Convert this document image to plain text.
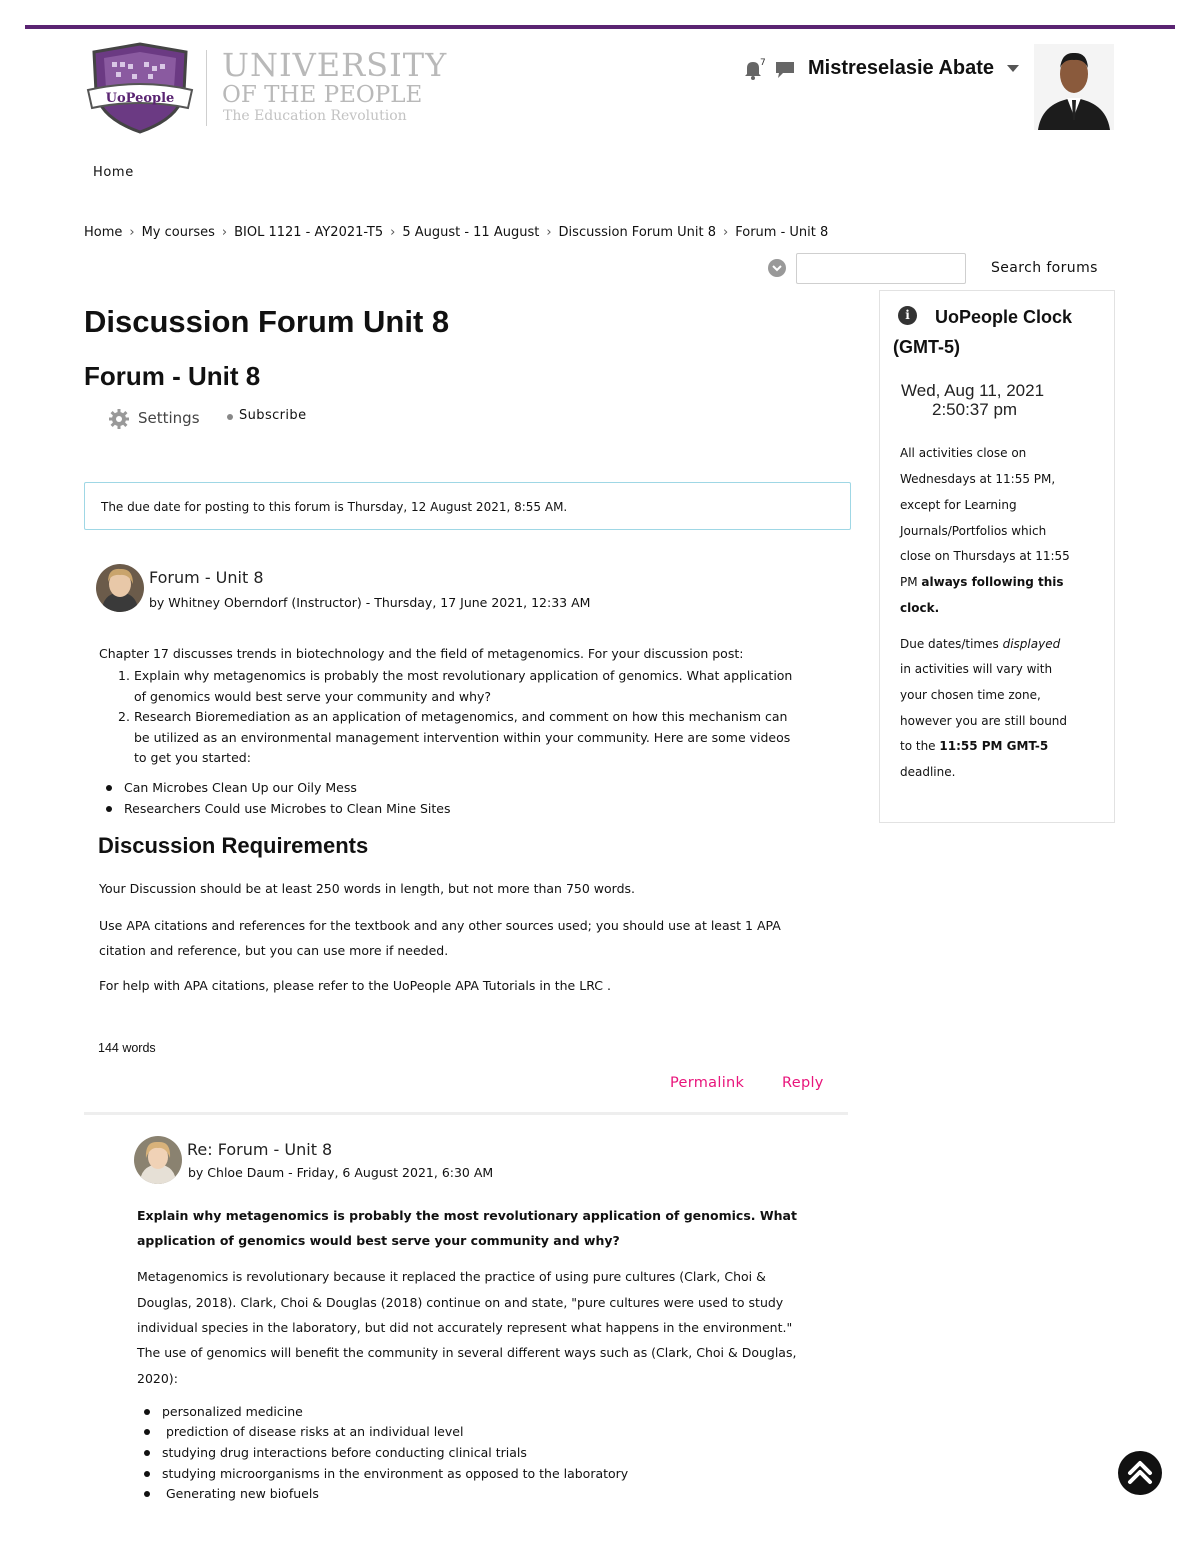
UoPeople
UNIVERSITY
OF THE PEOPLE
The Education Revolution
7 Mistreselasie Abate
Home
Home › My courses › BIOL 1121 - AY2021-T5 › 5 August - 11 August › Discussion Forum Unit 8 › Forum - Unit 8
Search forums
Discussion Forum Unit 8
Forum - Unit 8
Settings	Subscribe
The due date for posting to this forum is Thursday, 12 August 2021, 8:55 AM.
Forum - Unit 8
by Whitney Oberndorf (Instructor) - Thursday, 17 June 2021, 12:33 AM
Chapter 17 discusses trends in biotechnology and the field of metagenomics. For your discussion post:
1. Explain why metagenomics is probably the most revolutionary application of genomics. What application
of genomics would best serve your community and why?
2. Research Bioremediation as an application of metagenomics, and comment on how this mechanism can
be utilized as an environmental management intervention within your community. Here are some videos
to get you started:
Can Microbes Clean Up our Oily Mess
Researchers Could use Microbes to Clean Mine Sites
Discussion Requirements
Your Discussion should be at least 250 words in length, but not more than 750 words.
Use APA citations and references for the textbook and any other sources used; you should use at least 1 APA
citation and reference, but you can use more if needed.
For help with APA citations, please refer to the UoPeople APA Tutorials in the LRC .
144 words
Permalink	Reply
Re: Forum - Unit 8
by Chloe Daum - Friday, 6 August 2021, 6:30 AM
Explain why metagenomics is probably the most revolutionary application of genomics. What
application of genomics would best serve your community and why?
Metagenomics is revolutionary because it replaced the practice of using pure cultures (Clark, Choi &
Douglas, 2018). Clark, Choi & Douglas (2018) continue on and state, "pure cultures were used to study
individual species in the laboratory, but did not accurately represent what happens in the environment."
The use of genomics will benefit the community in several different ways such as (Clark, Choi & Douglas,
2020):
personalized medicine
prediction of disease risks at an individual level
studying drug interactions before conducting clinical trials
studying microorganisms in the environment as opposed to the laboratory
Generating new biofuels
i	UoPeople Clock
(GMT-5)
Wed, Aug 11, 2021
2:50:37 pm
All activities close on
Wednesdays at 11:55 PM,
except for Learning
Journals/Portfolios which
close on Thursdays at 11:55
PM always following this
clock.
Due dates/times displayed
in activities will vary with
your chosen time zone,
however you are still bound
to the 11:55 PM GMT-5
deadline.
